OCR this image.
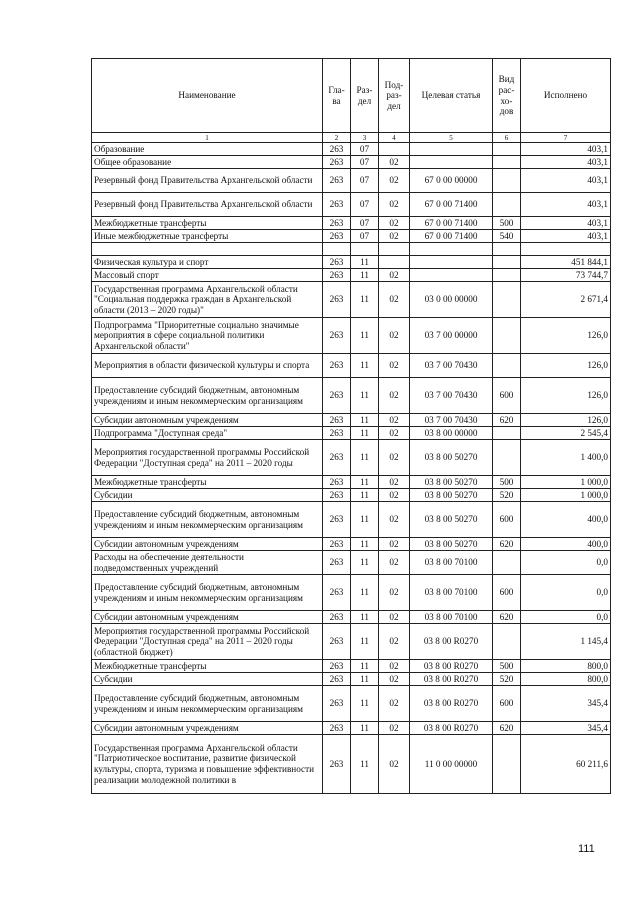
Наименование	Гла-ва	Раз-дел	Под-раз-дел	Целевая статья	Вид рас-хо-дов	Исполнено
1	2	3	4	5	6	7
Образование	263	07				403,1
Общее образование	263	07	02			403,1
Резервный фонд Правительства Архангельской области	263	07	02	67 0 00 00000		403,1
Резервный фонд Правительства Архангельской области	263	07	02	67 0 00 71400		403,1
Межбюджетные трансферты	263	07	02	67 0 00 71400	500	403,1
Иные межбюджетные трансферты	263	07	02	67 0 00 71400	540	403,1

Физическая культура и спорт	263	11				451 844,1
Массовый спорт	263	11	02			73 744,7
Государственная программа Архангельской области "Социальная поддержка граждан в Архангельской области (2013 – 2020 годы)"	263	11	02	03 0 00 00000		2 671,4
Подпрограмма "Приоритетные социально значимые мероприятия в сфере социальной политики Архангельской области"	263	11	02	03 7 00 00000		126,0
Мероприятия в области физической культуры и спорта	263	11	02	03 7 00 70430		126,0
Предоставление субсидий бюджетным, автономным учреждениям и иным некоммерческим организациям	263	11	02	03 7 00 70430	600	126,0
Субсидии автономным учреждениям	263	11	02	03 7 00 70430	620	126,0
Подпрограмма "Доступная среда"	263	11	02	03 8 00 00000		2 545,4
Мероприятия государственной программы Российской Федерации "Доступная среда" на 2011 – 2020 годы	263	11	02	03 8 00 50270		1 400,0
Межбюджетные трансферты	263	11	02	03 8 00 50270	500	1 000,0
Субсидии	263	11	02	03 8 00 50270	520	1 000,0
Предоставление субсидий бюджетным, автономным учреждениям и иным некоммерческим организациям	263	11	02	03 8 00 50270	600	400,0
Субсидии автономным учреждениям	263	11	02	03 8 00 50270	620	400,0
Расходы на обеспечение деятельности подведомственных учреждений	263	11	02	03 8 00 70100		0,0
Предоставление субсидий бюджетным, автономным учреждениям и иным некоммерческим организациям	263	11	02	03 8 00 70100	600	0,0
Субсидии автономным учреждениям	263	11	02	03 8 00 70100	620	0,0
Мероприятия государственной программы Российской Федерации "Доступная среда" на 2011 – 2020 годы (областной бюджет)	263	11	02	03 8 00 R0270		1 145,4
Межбюджетные трансферты	263	11	02	03 8 00 R0270	500	800,0
Субсидии	263	11	02	03 8 00 R0270	520	800,0
Предоставление субсидий бюджетным, автономным учреждениям и иным некоммерческим организациям	263	11	02	03 8 00 R0270	600	345,4
Субсидии автономным учреждениям	263	11	02	03 8 00 R0270	620	345,4
Государственная программа Архангельской области "Патриотическое воспитание, развитие физической культуры, спорта, туризма и повышение эффективности реализации молодежной политики в	263	11	02	11 0 00 00000		60 211,6
111
